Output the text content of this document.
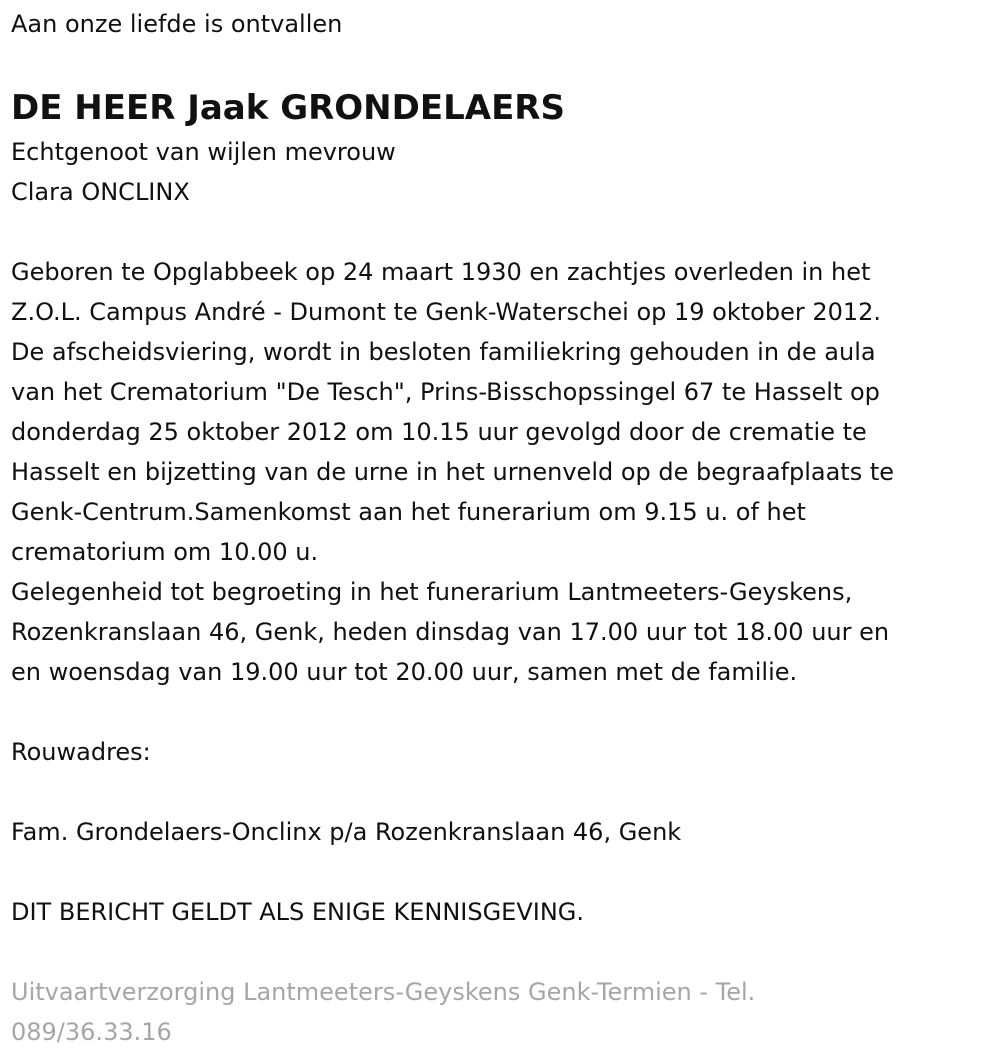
Aan onze liefde is ontvallen

DE HEER Jaak GRONDELAERS

Echtgenoot van wijlen mevrouw

Clara ONCLINX

Geboren te Opglabbeek op 24 maart 1930 en zachtjes overleden in het

Z.O.L. Campus André - Dumont te Genk-Waterschei op 19 oktober 2012.

De afscheidsviering, wordt in besloten familiekring gehouden in de aula

van het Crematorium "De Tesch", Prins-Bisschopssingel 67 te Hasselt op

donderdag 25 oktober 2012 om 10.15 uur gevolgd door de crematie te

Hasselt en bijzetting van de urne in het urnenveld op de begraafplaats te

Genk-Centrum.Samenkomst aan het funerarium om 9.15 u. of het

crematorium om 10.00 u.

Gelegenheid tot begroeting in het funerarium Lantmeeters-Geyskens,

Rozenkranslaan 46, Genk, heden dinsdag van 17.00 uur tot 18.00 uur en

en woensdag van 19.00 uur tot 20.00 uur, samen met de familie.

Rouwadres:

Fam. Grondelaers-Onclinx p/a Rozenkranslaan 46, Genk

DIT BERICHT GELDT ALS ENIGE KENNISGEVING.

Uitvaartverzorging Lantmeeters-Geyskens Genk-Termien - Tel.

089/36.33.16
